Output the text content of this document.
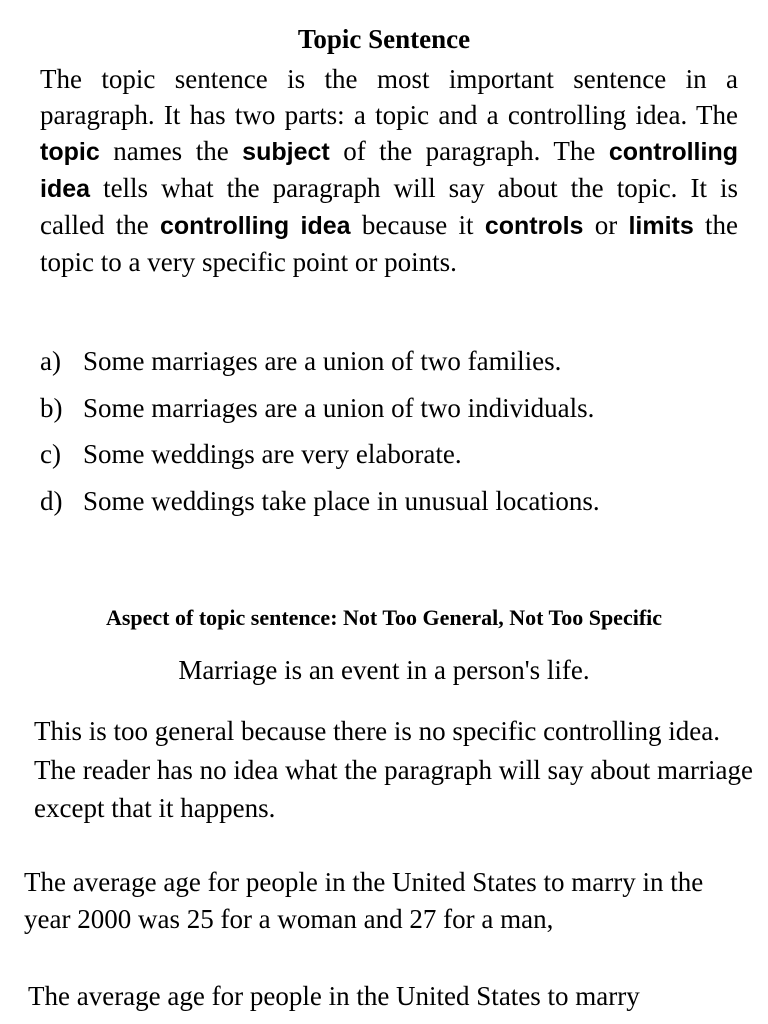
Topic Sentence

The topic sentence is the most important sentence in a paragraph. It has two parts: a topic and a controlling idea. The topic names the subject of the paragraph. The controlling idea tells what the paragraph will say about the topic. It is called the controlling idea because it controls or limits the topic to a very specific point or points.

a) Some marriages are a union of two families.
b) Some marriages are a union of two individuals.
c) Some weddings are very elaborate.
d) Some weddings take place in unusual locations.
Aspect of topic sentence: Not Too General, Not Too Specific

Marriage is an event in a person's life.

This is too general because there is no specific controlling idea. The reader has no idea what the paragraph will say about marriage except that it happens.

The average age for people in the United States to marry in the year 2000 was 25 for a woman and 27 for a man,

The average age for people in the United States to marry
